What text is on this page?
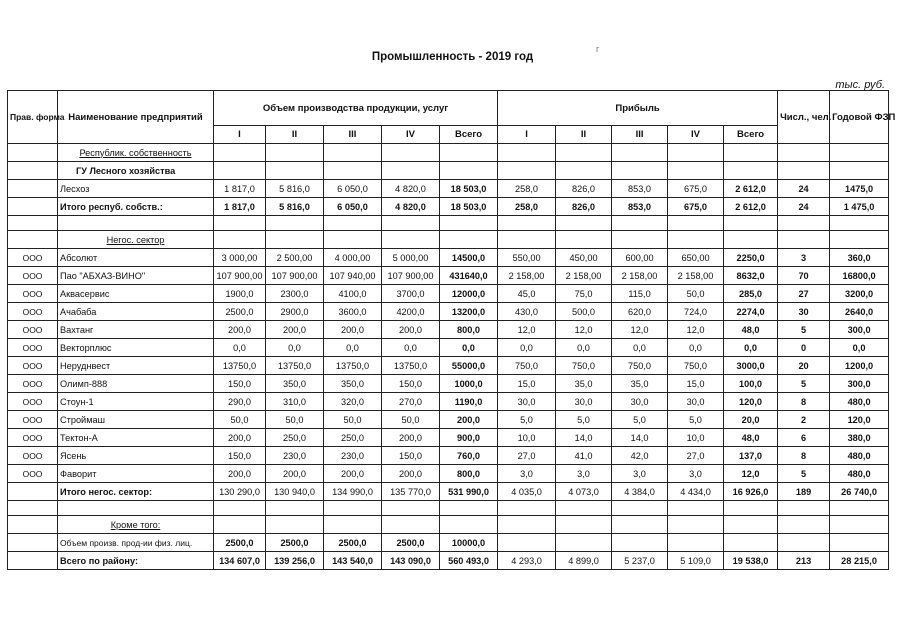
Промышленность - 2019 год
г
тыс. руб.
Прав. форма	Наименование предприятий	Объем производства продукции, услуг					Прибыль					Числ., чел.	Годовой ФЗП
		I	II	III	IV	Всего	I	II	III	IV	Всего		
	Республик. собственность												
	ГУ Лесного хозяйства												
	Лесхоз	1 817,0	5 816,0	6 050,0	4 820,0	18 503,0	258,0	826,0	853,0	675,0	2 612,0	24	1475,0
	Итого респуб. собств.:	1 817,0	5 816,0	6 050,0	4 820,0	18 503,0	258,0	826,0	853,0	675,0	2 612,0	24	1 475,0

	Негос. сектор												
ООО	Абсолют	3 000,00	2 500,00	4 000,00	5 000,00	14500,0	550,00	450,00	600,00	650,00	2250,0	3	360,0
ООО	Пао "АБХАЗ-ВИНО"	107 900,00	107 900,00	107 940,00	107 900,00	431640,0	2 158,00	2 158,00	2 158,00	2 158,00	8632,0	70	16800,0
ООО	Аквасервис	1900,0	2300,0	4100,0	3700,0	12000,0	45,0	75,0	115,0	50,0	285,0	27	3200,0
ООО	Ачабаба	2500,0	2900,0	3600,0	4200,0	13200,0	430,0	500,0	620,0	724,0	2274,0	30	2640,0
ООО	Вахтанг	200,0	200,0	200,0	200,0	800,0	12,0	12,0	12,0	12,0	48,0	5	300,0
ООО	Векторплюс	0,0	0,0	0,0	0,0	0,0	0,0	0,0	0,0	0,0	0,0	0	0,0
ООО	Неруднвест	13750,0	13750,0	13750,0	13750,0	55000,0	750,0	750,0	750,0	750,0	3000,0	20	1200,0
ООО	Олимп-888	150,0	350,0	350,0	150,0	1000,0	15,0	35,0	35,0	15,0	100,0	5	300,0
ООО	Стоун-1	290,0	310,0	320,0	270,0	1190,0	30,0	30,0	30,0	30,0	120,0	8	480,0
ООО	Строймаш	50,0	50,0	50,0	50,0	200,0	5,0	5,0	5,0	5,0	20,0	2	120,0
ООО	Тектон-А	200,0	250,0	250,0	200,0	900,0	10,0	14,0	14,0	10,0	48,0	6	380,0
ООО	Ясень	150,0	230,0	230,0	150,0	760,0	27,0	41,0	42,0	27,0	137,0	8	480,0
ООО	Фаворит	200,0	200,0	200,0	200,0	800,0	3,0	3,0	3,0	3,0	12,0	5	480,0
	Итого негос. сектор:	130 290,0	130 940,0	134 990,0	135 770,0	531 990,0	4 035,0	4 073,0	4 384,0	4 434,0	16 926,0	189	26 740,0

	Кроме того:												
	Объем произв. прод-ии физ. лиц.	2500,0	2500,0	2500,0	2500,0	10000,0							
	Всего по району:	134 607,0	139 256,0	143 540,0	143 090,0	560 493,0	4 293,0	4 899,0	5 237,0	5 109,0	19 538,0	213	28 215,0
